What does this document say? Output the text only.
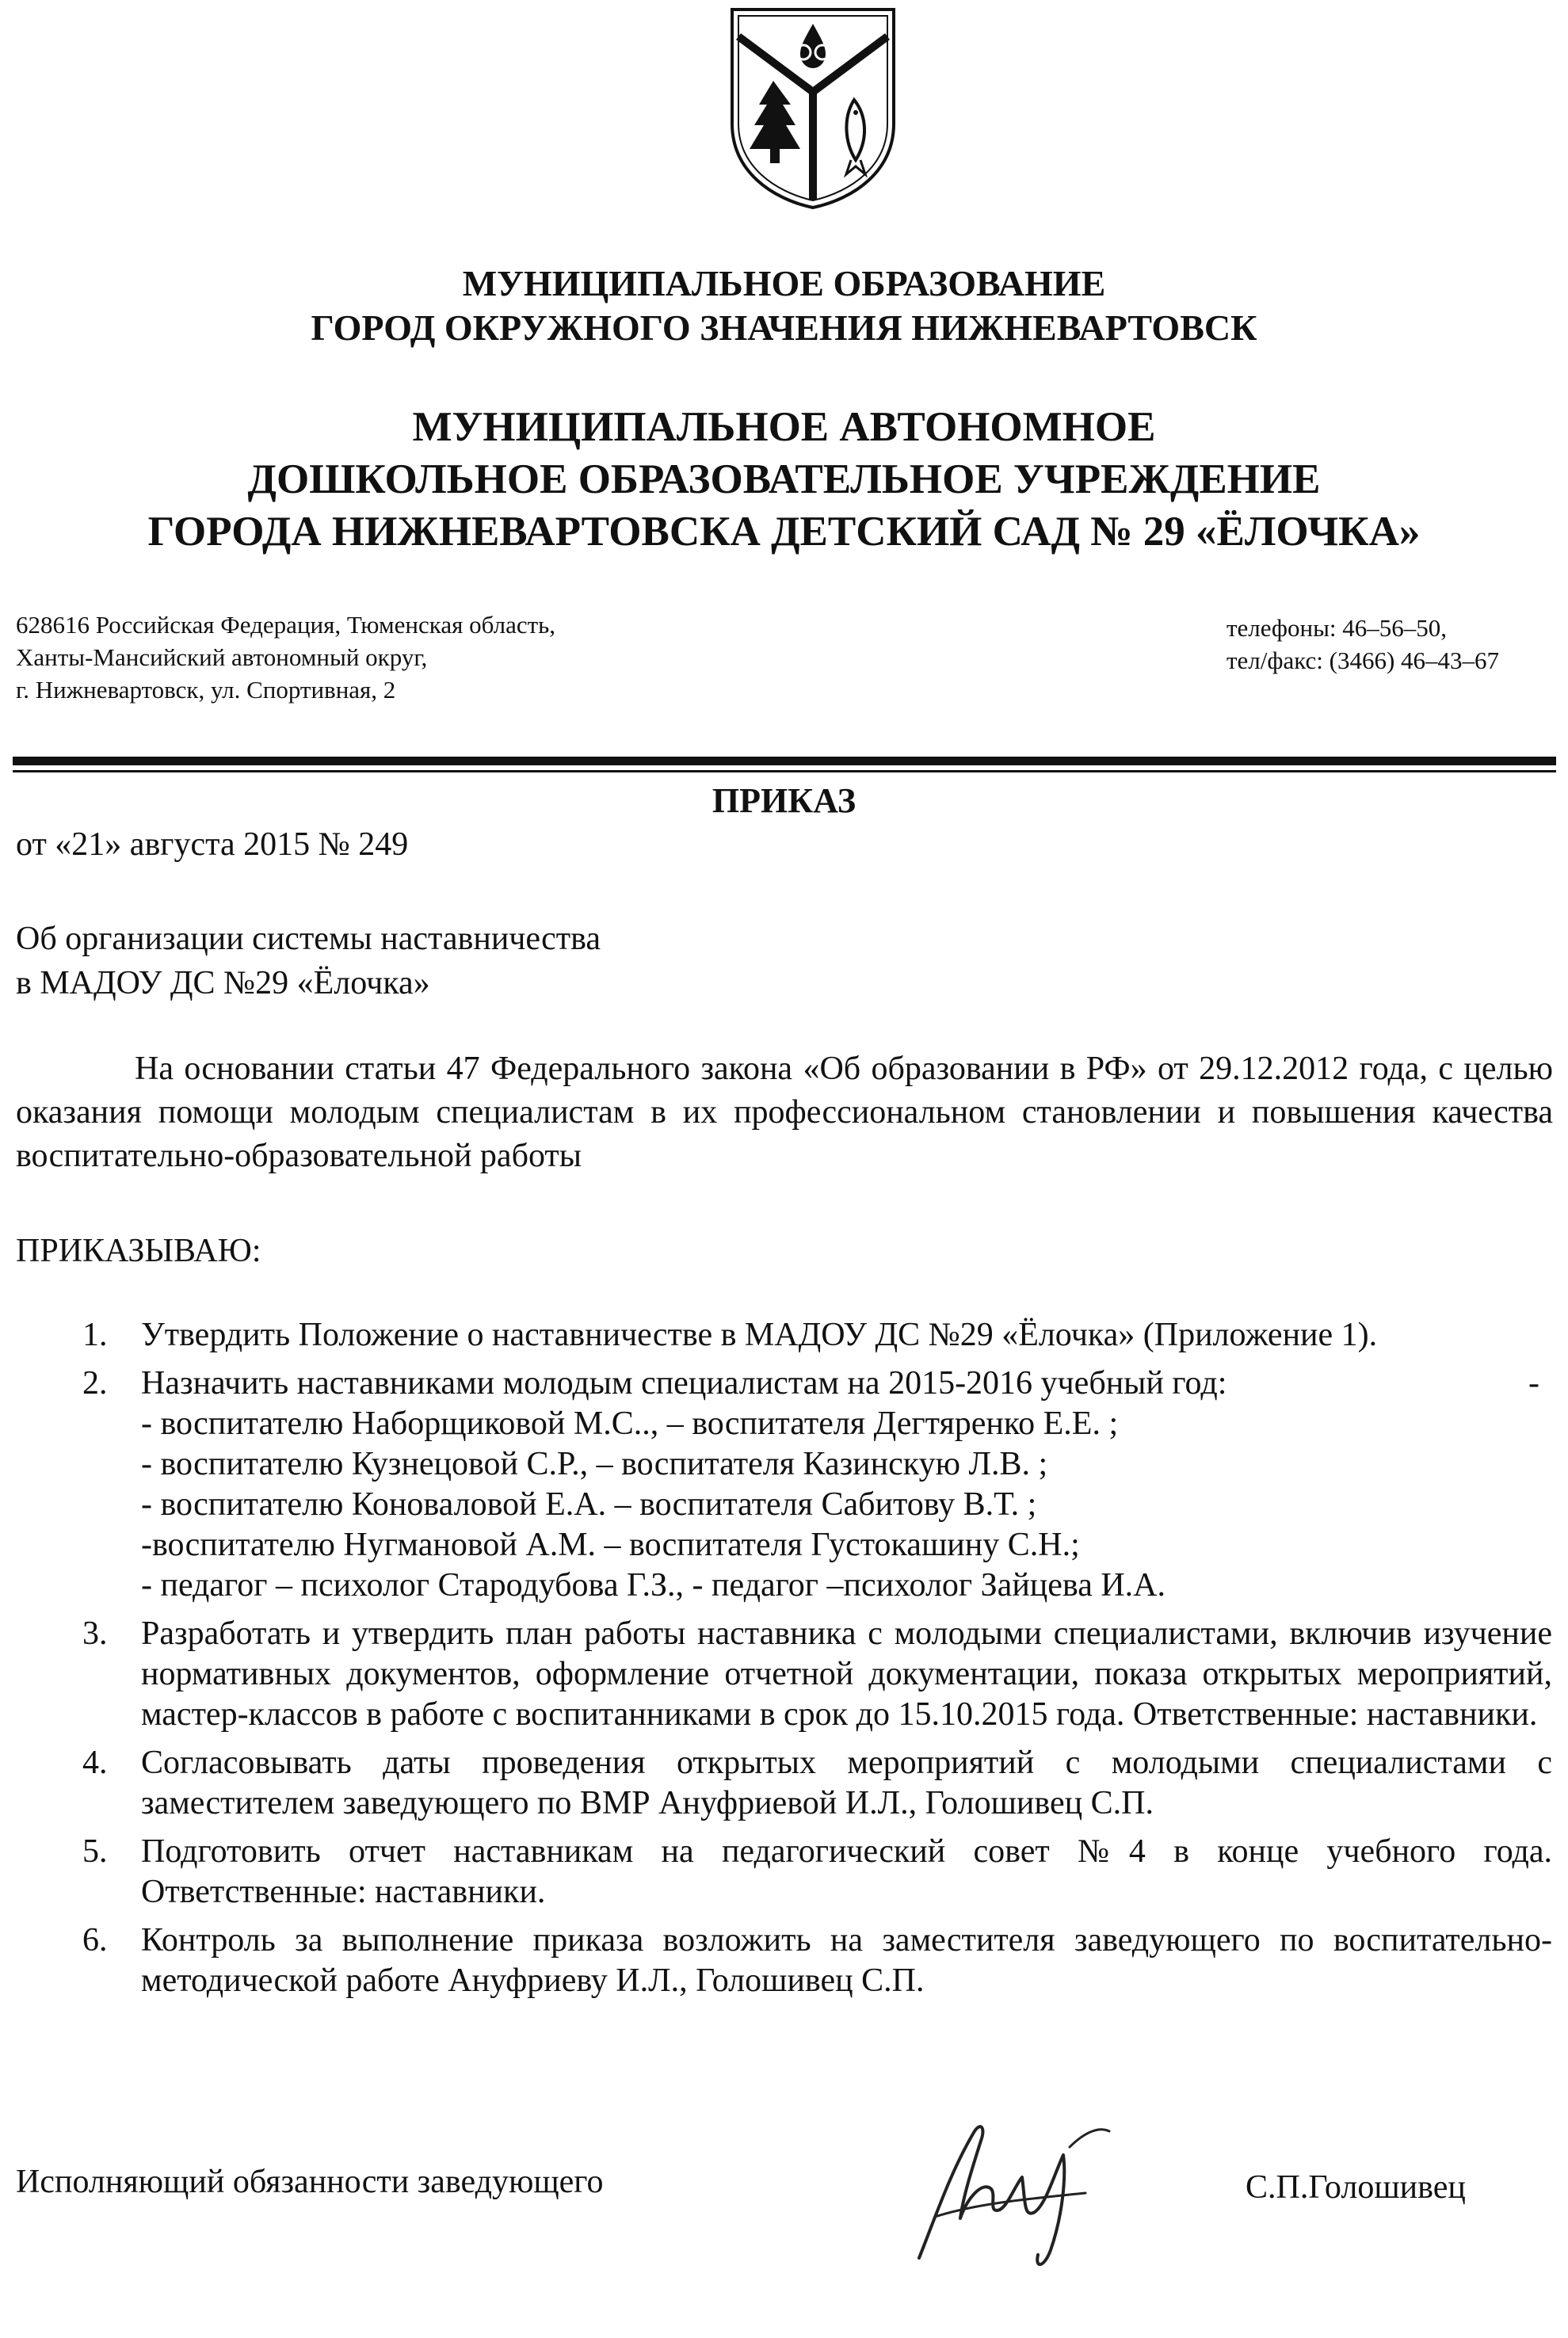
МУНИЦИПАЛЬНОЕ ОБРАЗОВАНИЕ

ГОРОД ОКРУЖНОГО ЗНАЧЕНИЯ НИЖНЕВАРТОВСК

МУНИЦИПАЛЬНОЕ АВТОНОМНОЕ

ДОШКОЛЬНОЕ ОБРАЗОВАТЕЛЬНОЕ УЧРЕЖДЕНИЕ

ГОРОДА НИЖНЕВАРТОВСКА ДЕТСКИЙ САД № 29 «ЁЛОЧКА»

628616 Российская Федерация, Тюменская область,
Ханты-Мансийский автономный округ,
г. Нижневартовск, ул. Спортивная, 2
телефоны: 46–56–50,
тел/факс: (3466) 46–43–67

ПРИКАЗ

от «21» августа 2015 № 249

Об организации системы наставничества
в МАДОУ ДС №29 «Ёлочка»

На основании статьи 47 Федерального закона «Об образовании в РФ» от 29.12.2012 года, с целью оказания помощи молодым специалистам в их профессиональном становлении и повышения качества воспитательно-образовательной работы

ПРИКАЗЫВАЮ:

1. Утвердить Положение о наставничестве в МАДОУ ДС №29 «Ёлочка» (Приложение 1).
2.	-
Назначить наставниками молодым специалистам на 2015-2016 учебный год:
- воспитателю Наборщиковой М.С.., – воспитателя Дегтяренко Е.Е. ;
- воспитателю Кузнецовой С.Р., – воспитателя Казинскую Л.В. ;
- воспитателю Коноваловой Е.А. – воспитателя Сабитову В.Т. ;
-воспитателю Нугмановой А.М. – воспитателя Густокашину С.Н.;
- педагог – психолог Стародубова Г.З., - педагог –психолог Зайцева И.А.
3. Разработать и утвердить план работы наставника с молодыми специалистами, включив изучение нормативных документов, оформление отчетной документации, показа открытых мероприятий, мастер-классов в работе с воспитанниками в срок до 15.10.2015 года. Ответственные: наставники.
4. Согласовывать даты проведения открытых мероприятий с молодыми специалистами с заместителем заведующего по ВМР Ануфриевой И.Л., Голошивец С.П.
5. Подготовить отчет наставникам на педагогический совет №4 в конце учебного года. Ответственные: наставники.
6. Контроль за выполнение приказа возложить на заместителя заведующего по воспитательно-методической работе Ануфриеву И.Л., Голошивец С.П.

Исполняющий обязанности заведующего	С.П.Голошивец
